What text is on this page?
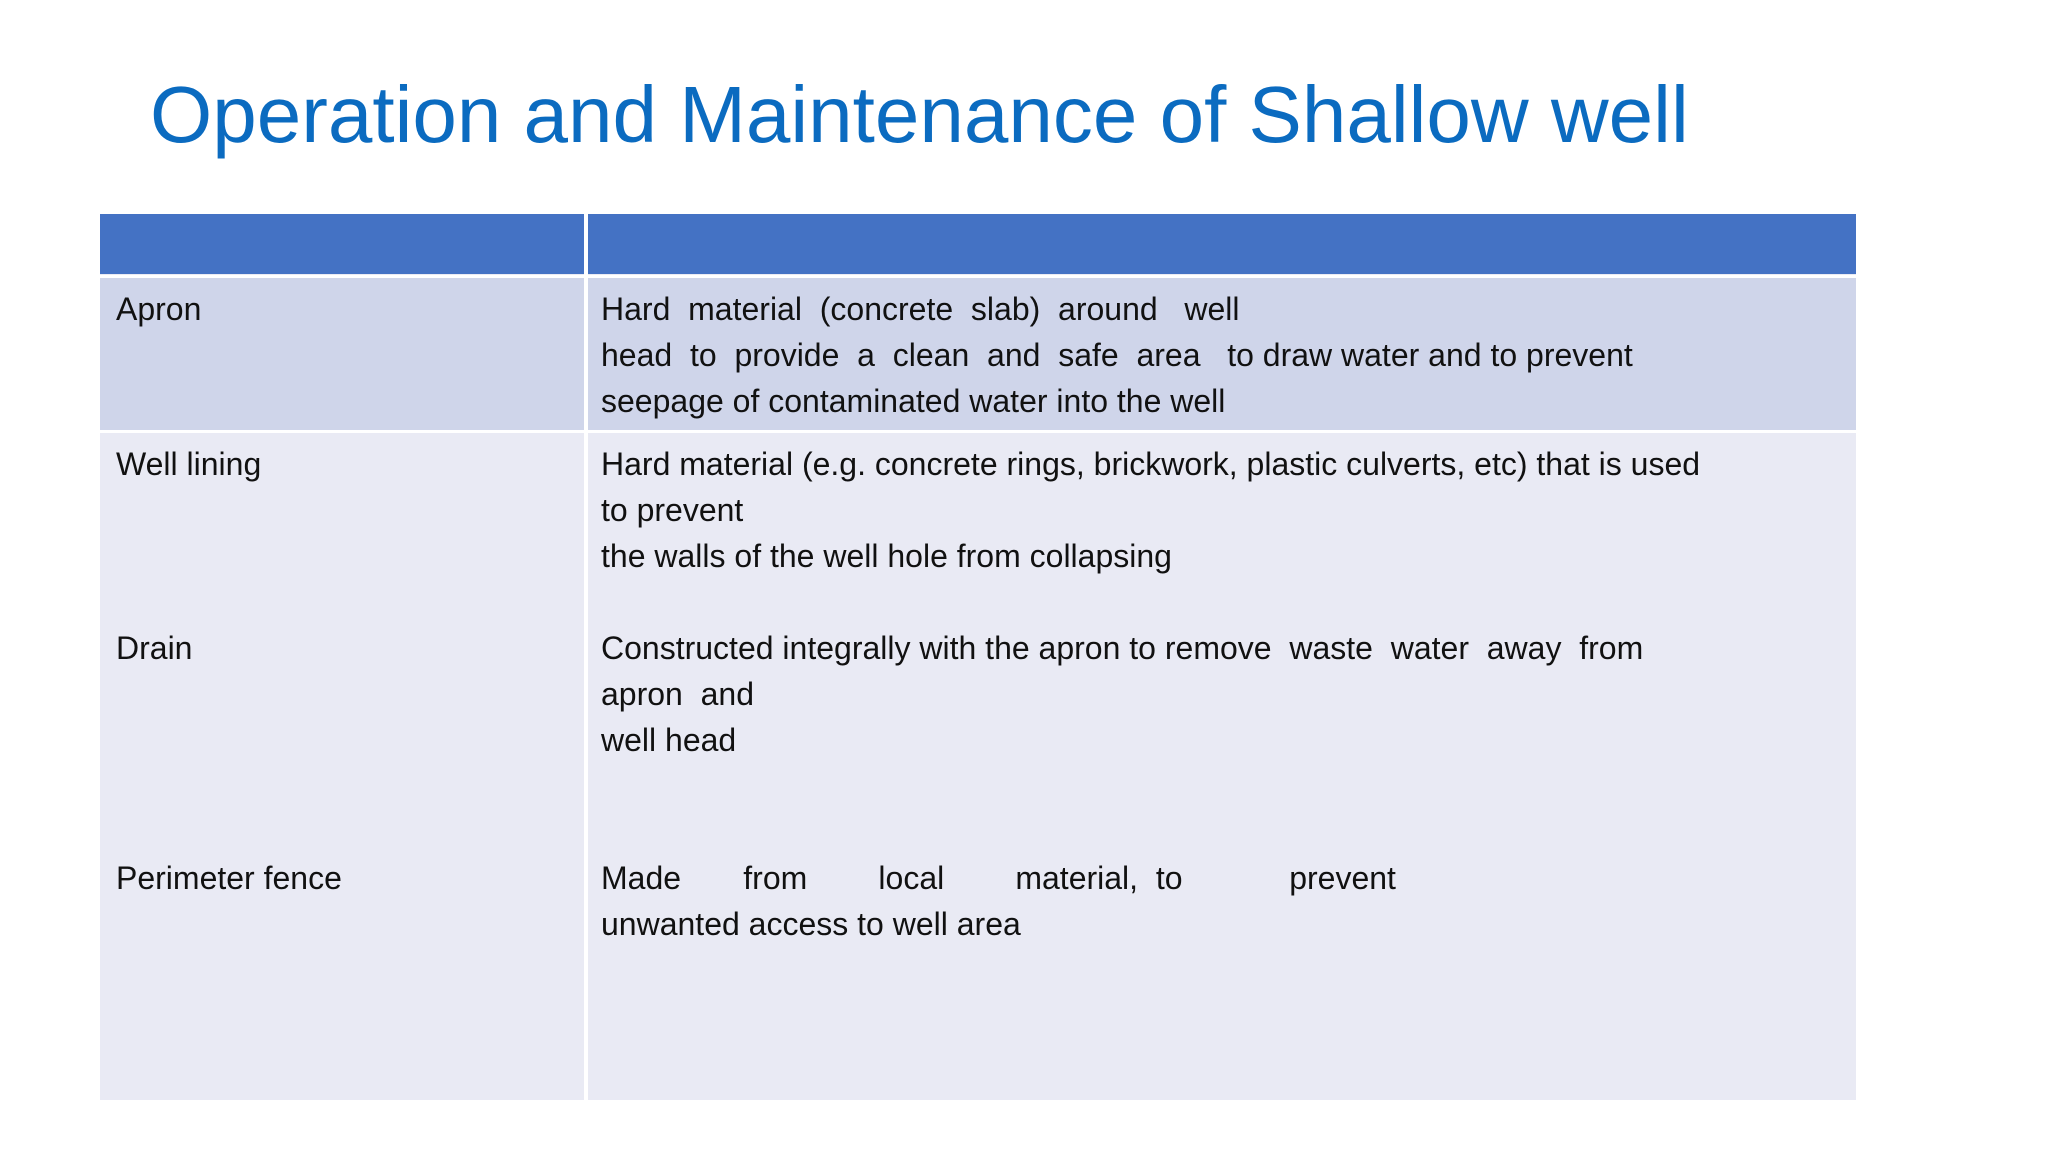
Operation and Maintenance of Shallow well
Apron	Hard  material  (concrete  slab)  around   well
head  to  provide  a  clean  and  safe  area   to draw water and to prevent
seepage of contaminated water into the well
Well lining	Hard material (e.g. concrete rings, brickwork, plastic culverts, etc) that is used
to prevent
the walls of the well hole from collapsing
Drain	Constructed integrally with the apron to remove  waste  water  away  from
apron  and
well head
Perimeter fence	Made       from        local        material,  to            prevent
unwanted access to well area
